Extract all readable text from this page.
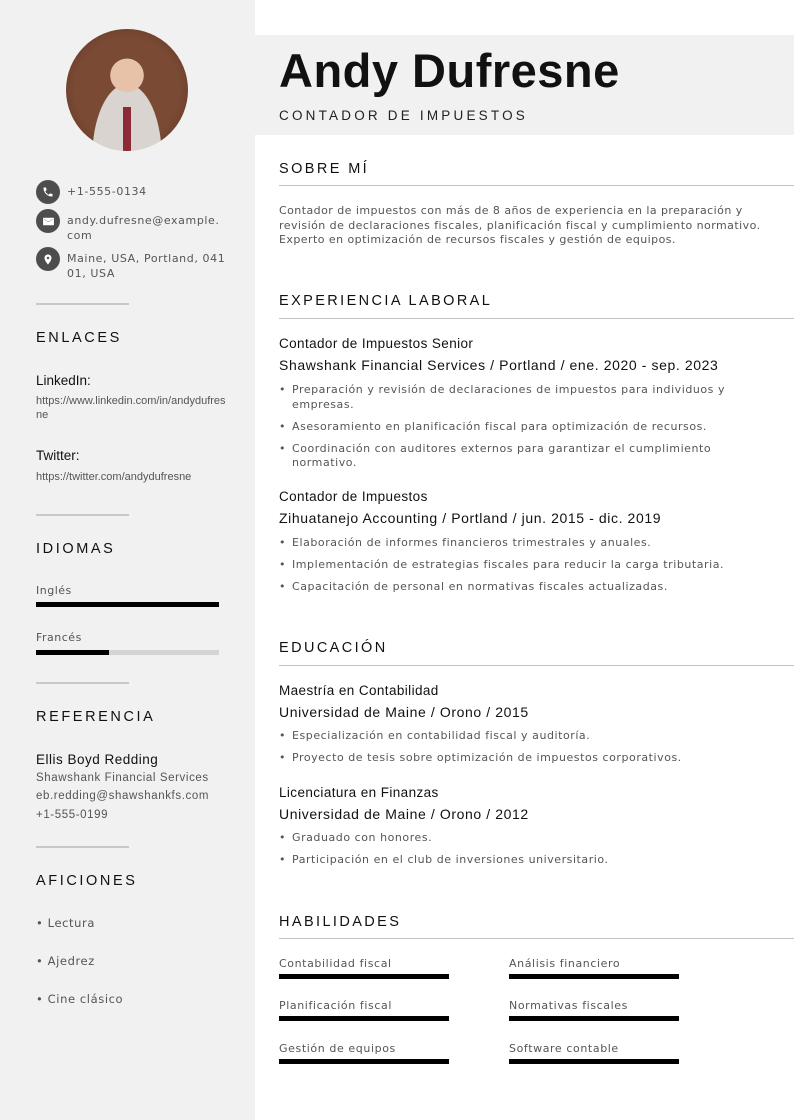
+1-555-0134
andy.dufresne@example.com
Maine, USA, Portland, 04101, USA
ENLACES
LinkedIn:
https://www.linkedin.com/in/andydufresne
Twitter:
https://twitter.com/andydufresne
IDIOMAS
Inglés
Francés
REFERENCIA
Ellis Boyd Redding
Shawshank Financial Services
eb.redding@shawshankfs.com
+1-555-0199
AFICIONES
• Lectura
• Ajedrez
• Cine clásico
Andy Dufresne
CONTADOR DE IMPUESTOS
SOBRE MÍ
Contador de impuestos con más de 8 años de experiencia en la preparación y revisión de declaraciones fiscales, planificación fiscal y cumplimiento normativo. Experto en optimización de recursos fiscales y gestión de equipos.
EXPERIENCIA LABORAL
Contador de Impuestos Senior
Shawshank Financial Services / Portland / ene. 2020 - sep. 2023
• Preparación y revisión de declaraciones de impuestos para individuos y empresas.
• Asesoramiento en planificación fiscal para optimización de recursos.
• Coordinación con auditores externos para garantizar el cumplimiento normativo.
Contador de Impuestos
Zihuatanejo Accounting / Portland / jun. 2015 - dic. 2019
• Elaboración de informes financieros trimestrales y anuales.
• Implementación de estrategias fiscales para reducir la carga tributaria.
• Capacitación de personal en normativas fiscales actualizadas.
EDUCACIÓN
Maestría en Contabilidad
Universidad de Maine / Orono / 2015
• Especialización en contabilidad fiscal y auditoría.
• Proyecto de tesis sobre optimización de impuestos corporativos.
Licenciatura en Finanzas
Universidad de Maine / Orono / 2012
• Graduado con honores.
• Participación en el club de inversiones universitario.
HABILIDADES
Contabilidad fiscal	Análisis financiero
Planificación fiscal	Normativas fiscales
Gestión de equipos	Software contable
